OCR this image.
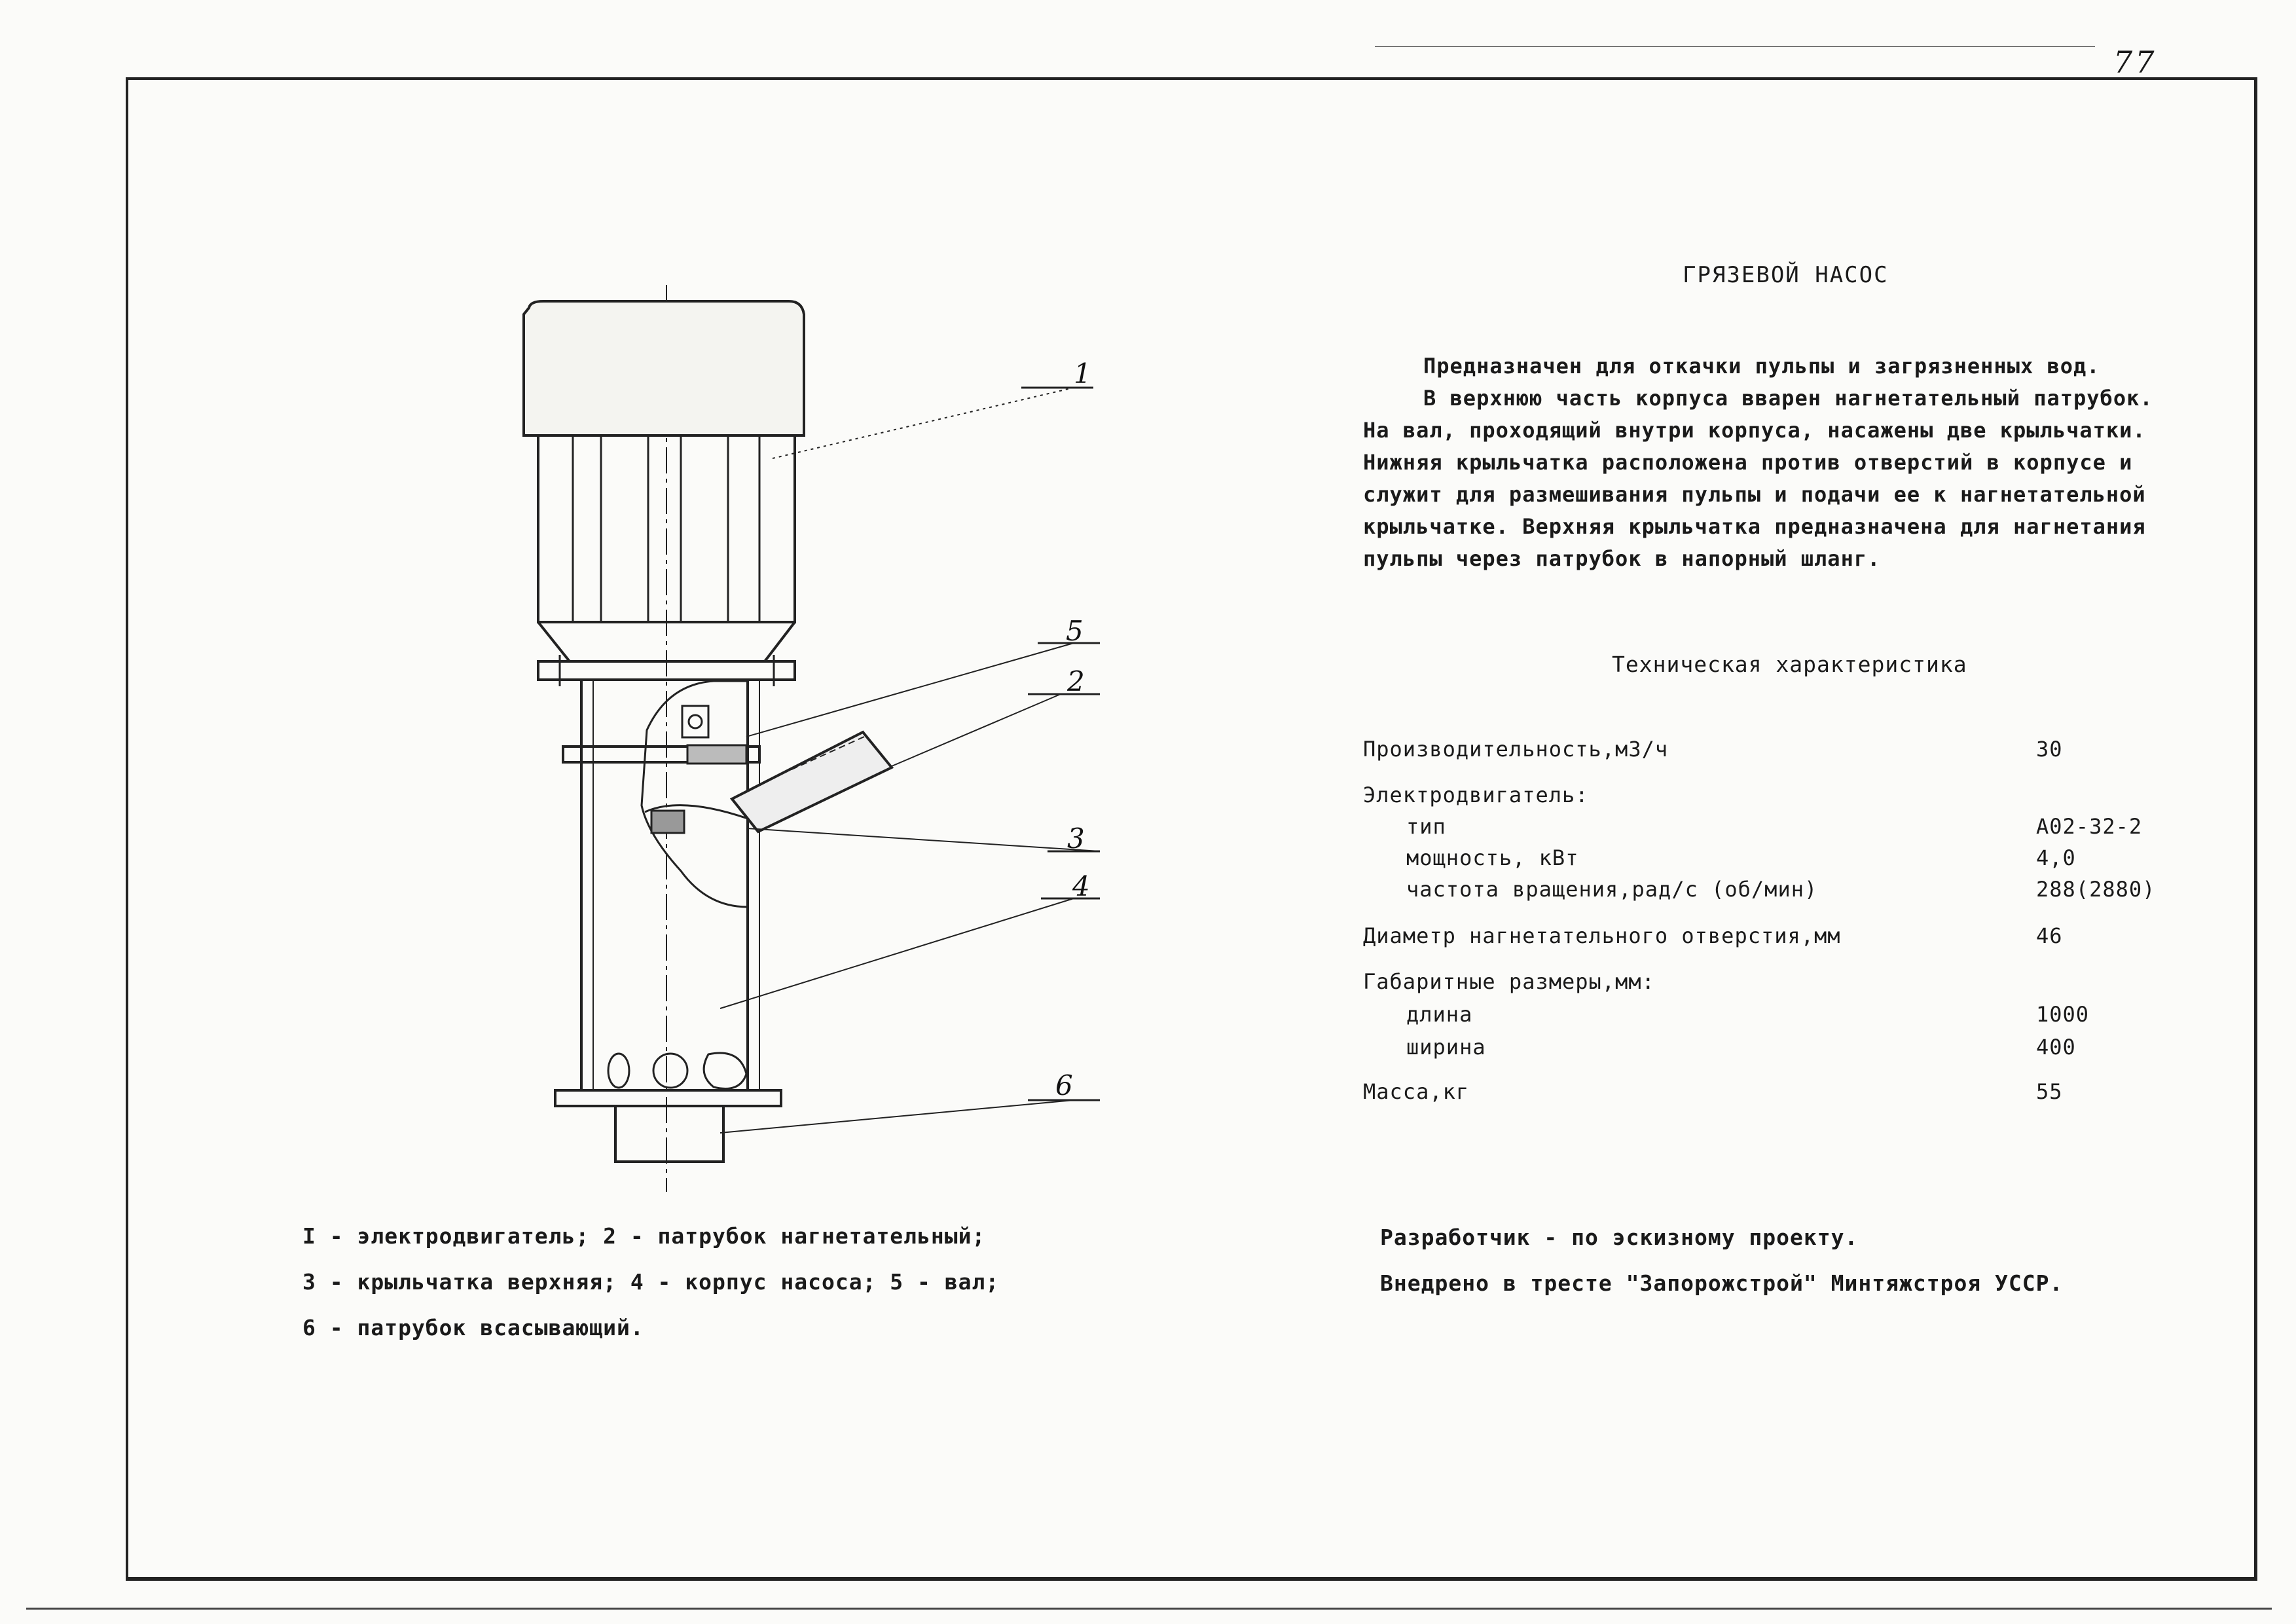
77
1
5
2
3
4
6
ГРЯЗЕВОЙ НАСОС

Предназначен для откачки пульпы и загрязненных вод.

В верхнюю часть корпуса вварен нагнетательный патрубок.

На вал, проходящий внутри корпуса, насажены две крыльчатки.

Нижняя крыльчатка расположена против отверстий в корпусе и

служит для размешивания пульпы и подачи ее к нагнетательной

крыльчатке. Верхняя крыльчатка предназначена для нагнетания

пульпы через патрубок в напорный шланг.

Техническая характеристика
Производительность,м3/ч	30
Электродвигатель:
тип	А02-32-2
мощность, кВт	4,0
частота вращения,рад/с (об/мин)	288(2880)
Диаметр нагнетательного отверстия,мм	46
Габаритные размеры,мм:
длина	1000
ширина	400
Масса,кг	55
I - электродвигатель; 2 - патрубок нагнетательный;
3 - крыльчатка верхняя; 4 - корпус насоса; 5 - вал;
6 - патрубок всасывающий.
Разработчик - по эскизному проекту.
Внедрено в тресте "Запорожстрой" Минтяжстроя УССР.
